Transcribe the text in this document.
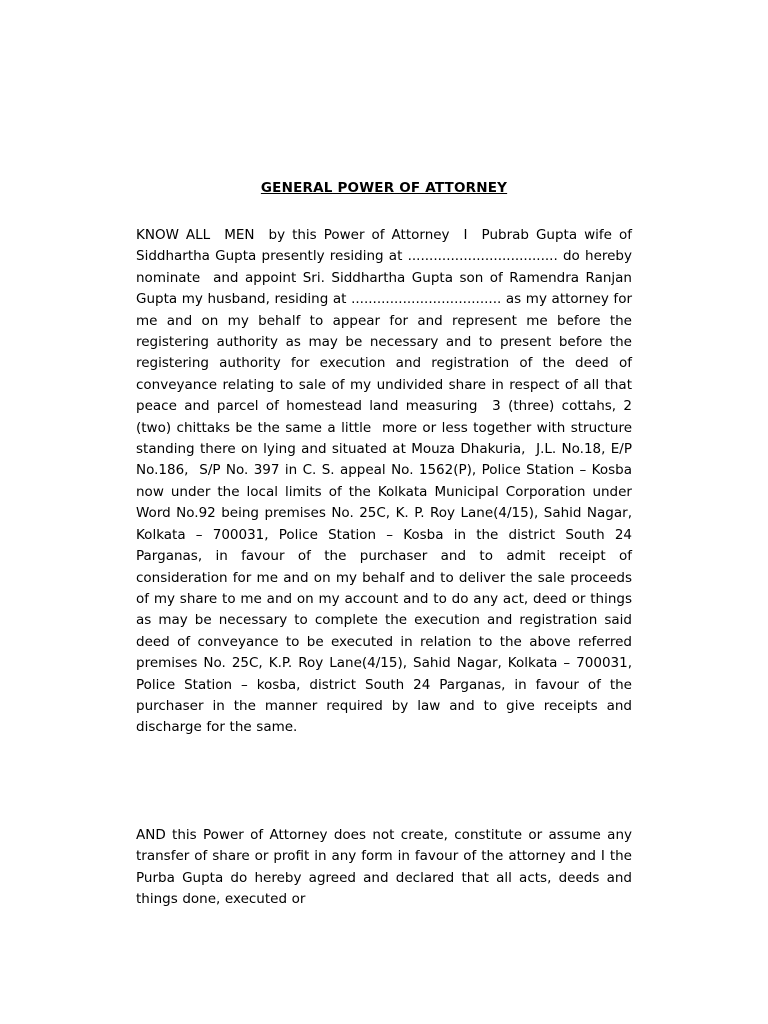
GENERAL POWER OF ATTORNEY
KNOW ALL  MEN  by this Power of Attorney  I  Pubrab Gupta wife of Siddhartha Gupta presently residing at ................................... do hereby nominate  and appoint Sri. Siddhartha Gupta son of Ramendra Ranjan Gupta my husband, residing at ................................... as my attorney for me and on my behalf to appear for and represent me before the registering authority as may be necessary and to present before the registering authority for execution and registration of the deed of conveyance relating to sale of my undivided share in respect of all that peace and parcel of homestead land measuring  3 (three) cottahs, 2 (two) chittaks be the same a little  more or less together with structure standing there on lying and situated at Mouza Dhakuria,  J.L. No.18, E/P No.186,  S/P No. 397 in C. S. appeal No. 1562(P), Police Station – Kosba now under the local limits of the Kolkata Municipal Corporation under Word No.92 being premises No. 25C, K. P. Roy Lane(4/15), Sahid Nagar, Kolkata – 700031, Police Station – Kosba in the district South 24 Parganas, in favour of the purchaser and to admit receipt of consideration for me and on my behalf and to deliver the sale proceeds of my share to me and on my account and to do any act, deed or things as may be necessary to complete the execution and registration said deed of conveyance to be executed in relation to the above referred premises No. 25C, K.P. Roy Lane(4/15), Sahid Nagar, Kolkata – 700031, Police Station – kosba, district South 24 Parganas, in favour of the purchaser in the manner required by law and to give receipts and discharge for the same.
AND this Power of Attorney does not create, constitute or assume any transfer of share or profit in any form in favour of the attorney and I the Purba Gupta do hereby agreed and declared that all acts, deeds and things done, executed or
